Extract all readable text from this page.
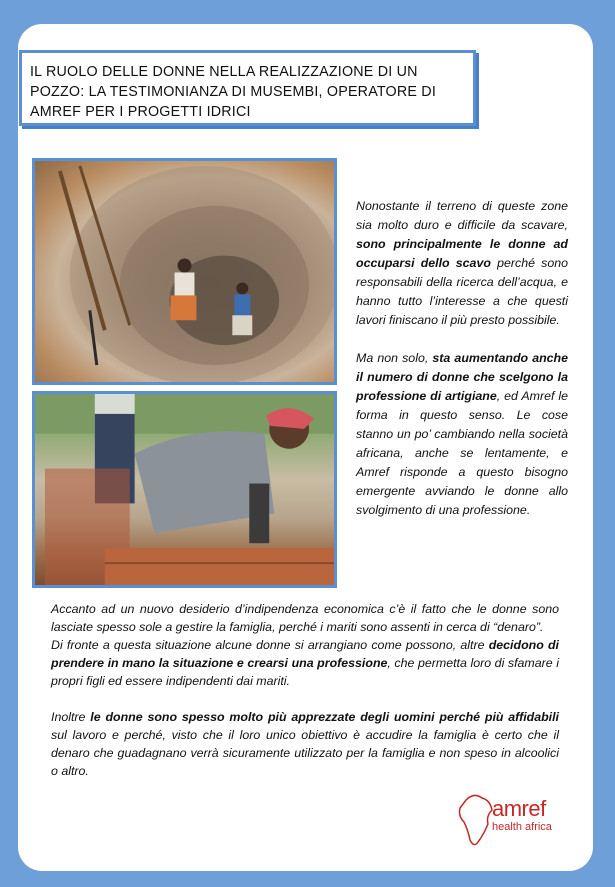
IL RUOLO DELLE DONNE NELLA REALIZZAZIONE DI UN
POZZO: LA TESTIMONIANZA DI MUSEMBI, OPERATORE DI
AMREF PER I PROGETTI IDRICI

Nonostante il terreno di queste zone sia molto duro e difficile da scavare, sono principalmente le donne ad occuparsi dello scavo perché sono responsabili della ricerca dell’acqua, e hanno tutto l’interesse a che questi lavori finiscano il più presto possibile.

Ma non solo, sta aumentando anche il numero di donne che scelgono la professione di artigiane, ed Amref le forma in questo senso. Le cose stanno un po’ cambiando nella società africana, anche se lentamente, e Amref risponde a questo bisogno emergente avviando le donne allo svolgimento di una professione.

Accanto ad un nuovo desiderio d’indipendenza economica c’è il fatto che le donne sono lasciate spesso sole a gestire la famiglia, perché i mariti sono assenti in cerca di “denaro”.

Di fronte a questa situazione alcune donne si arrangiano come possono, altre decidono di prendere in mano la situazione e crearsi una professione, che permetta loro di sfamare i propri figli ed essere indipendenti dai mariti.

Inoltre le donne sono spesso molto più apprezzate degli uomini perché più affidabili sul lavoro e perché, visto che il loro unico obiettivo è accudire la famiglia è certo che il denaro che guadagnano verrà sicuramente utilizzato per la famiglia e non speso in alcoolici o altro.

amref
health africa
